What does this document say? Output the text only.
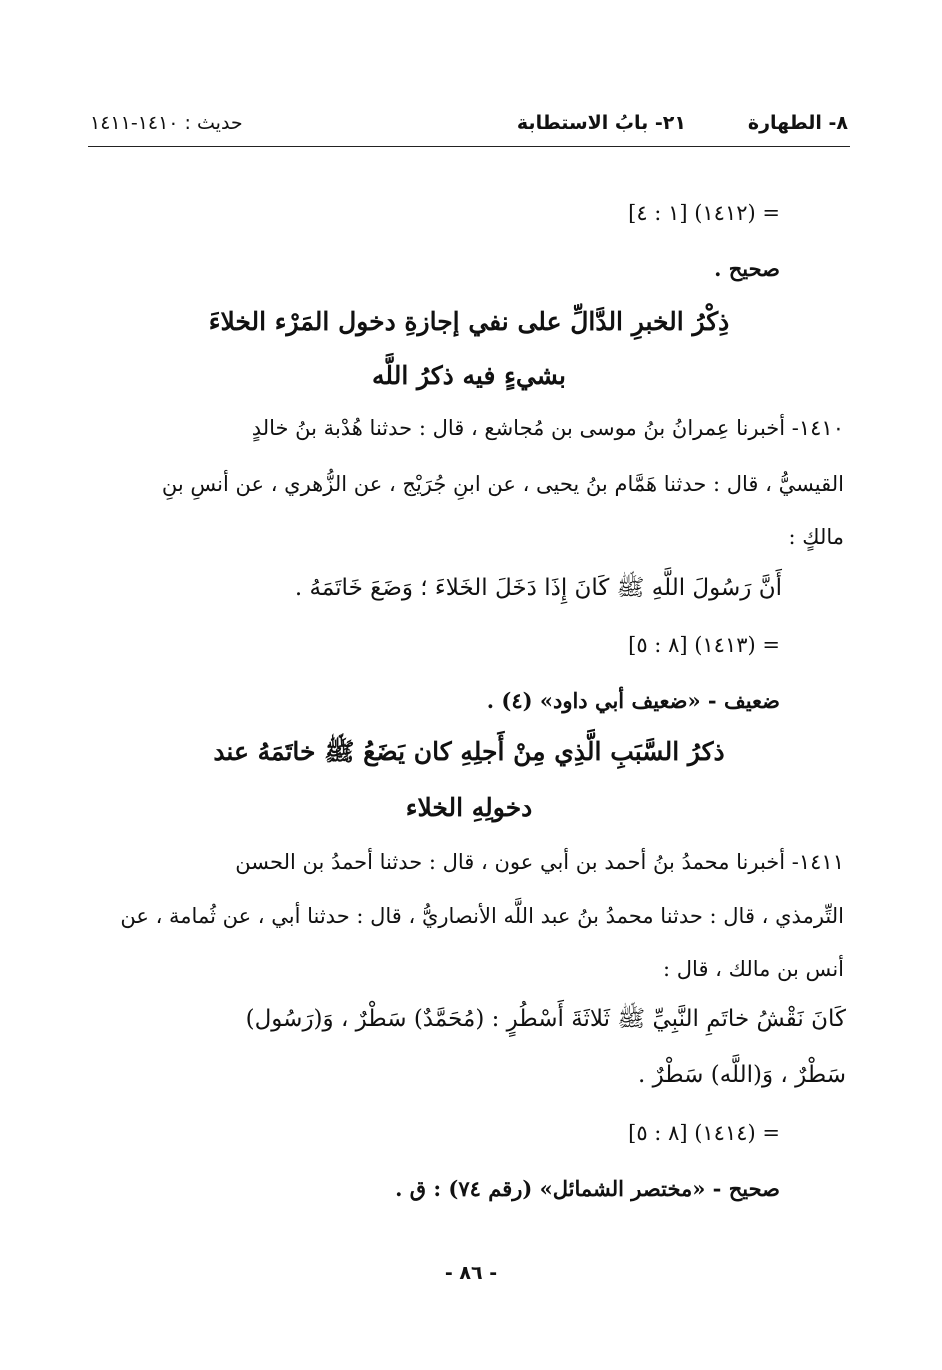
٨- الطهارة
٢١- بابُ الاستطابة
حديث : ١٤١٠-١٤١١
= (١٤١٢) [١ : ٤]
صحيح .
ذِكْرُ الخبرِ الدَّالِّ على نفي إجازةِ دخول المَرْء الخلاءَ
بشيءٍ فيه ذكرُ اللَّه
١٤١٠- أخبرنا عِمرانُ بنُ موسى بن مُجاشع ، قال : حدثنا هُدْبة بنُ خالدٍ
القيسيُّ ، قال : حدثنا هَمَّام بنُ يحيى ، عن ابنِ جُرَيْج ، عن الزُّهري ، عن أنسِ بنِ
مالكٍ :
أَنَّ رَسُولَ اللَّهِ ﷺ كَانَ إِذَا دَخَلَ الخَلاءَ ؛ وَضَعَ خَاتَمَهُ .
= (١٤١٣) [٨ : ٥]
ضعيف - «ضعيف أبي داود» (٤) .
ذكرُ السَّبَبِ الَّذِي مِنْ أَجلِهِ كان يَضَعُ ﷺ خاتَمَهُ عند
دخولِهِ الخلاء
١٤١١- أخبرنا محمدُ بنُ أحمد بن أبي عون ، قال : حدثنا أحمدُ بن الحسن
التِّرمذي ، قال : حدثنا محمدُ بنُ عبد اللَّه الأنصاريُّ ، قال : حدثنا أبي ، عن ثُمامة ، عن
أنس بن مالك ، قال :
كَانَ نَقْشُ خاتَمِ النَّبِيِّ ﷺ ثَلاثَةَ أَسْطُرٍ : (مُحَمَّدٌ) سَطْرٌ ، وَ(رَسُول)
سَطْرٌ ، وَ(اللَّه) سَطْرٌ .
= (١٤١٤) [٨ : ٥]
صحيح - «مختصر الشمائل» (رقم ٧٤) : ق .
- ٨٦ -
